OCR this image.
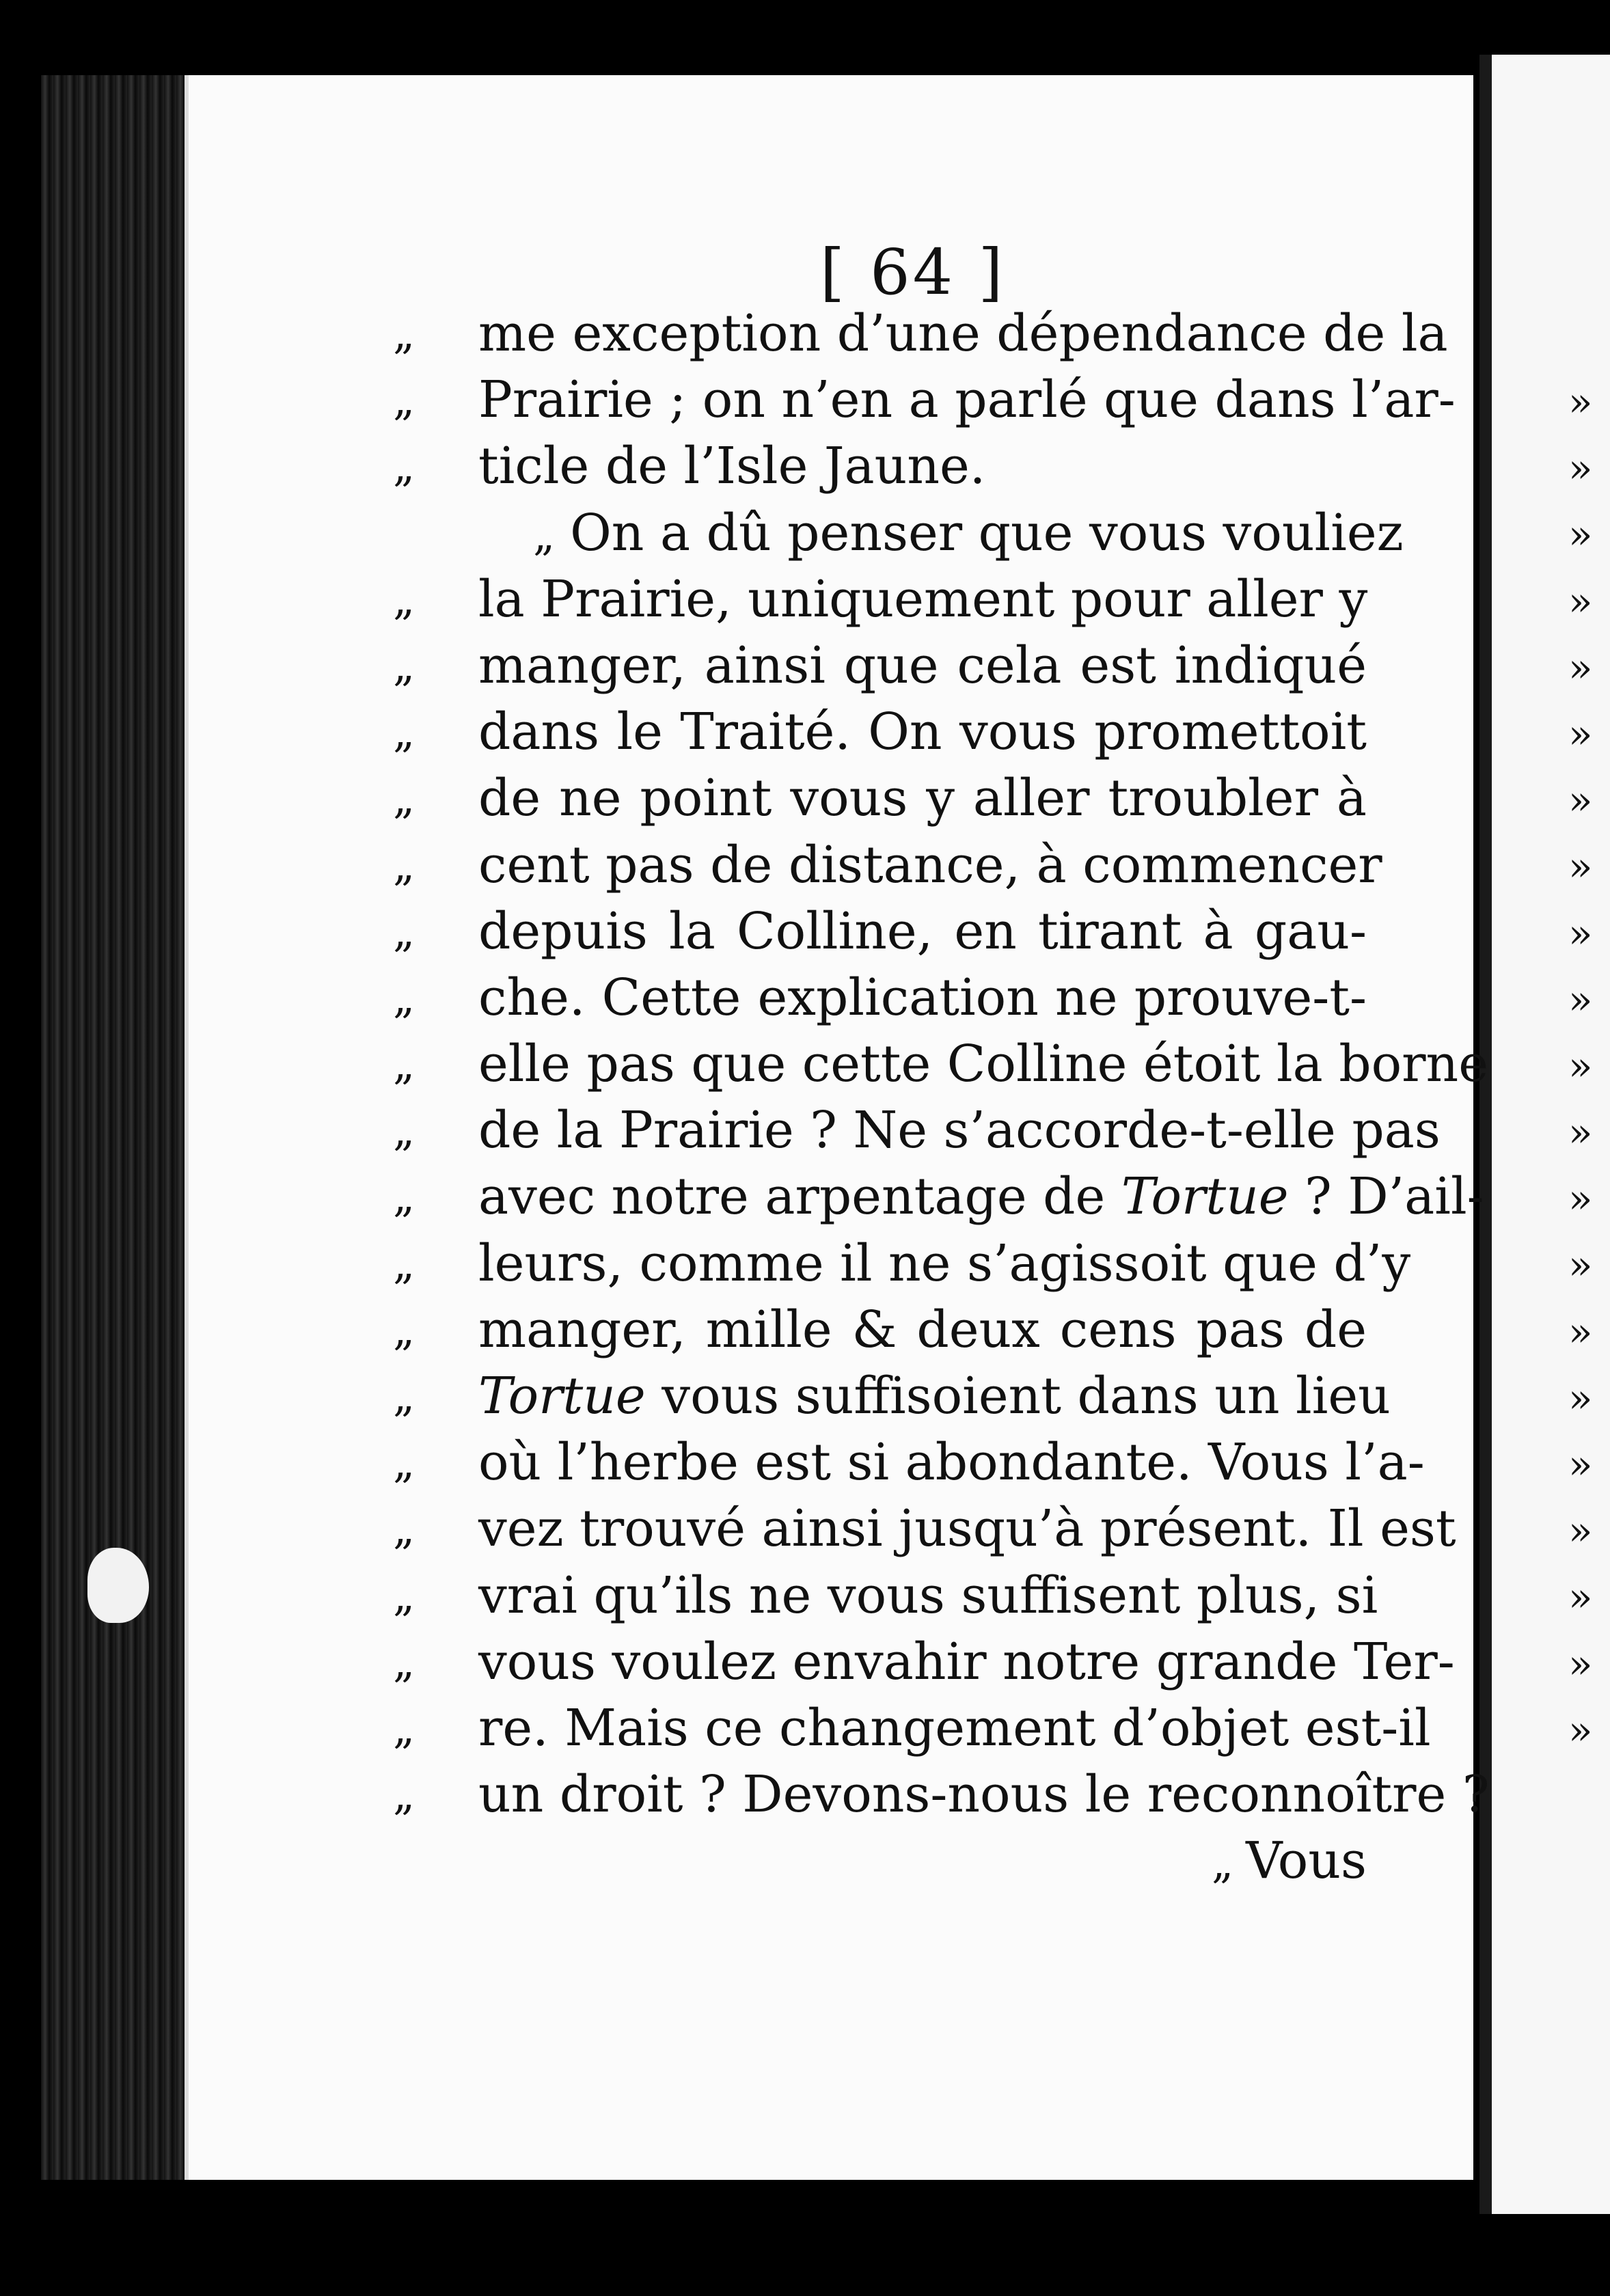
[ 64 ]
„ me exception d’une dépendance de la
„ Prairie ; on n’en a parlé que dans l’ar-
„ ticle de l’Isle Jaune.
„ On a dû penser que vous vouliez
„ la Prairie, uniquement pour aller y
„ manger, ainsi que cela est indiqué
„ dans le Traité. On vous promettoit
„ de ne point vous y aller troubler à
„ cent pas de distance, à commencer
„ depuis la Colline, en tirant à gau-
„ che. Cette explication ne prouve-t-
„ elle pas que cette Colline étoit la borne
„ de la Prairie ? Ne s’accorde-t-elle pas
„ avec notre arpentage de Tortue ? D’ail-
„ leurs, comme il ne s’agissoit que d’y
„ manger, mille & deux cens pas de
„ Tortue vous suffisoient dans un lieu
„ où l’herbe est si abondante. Vous l’a-
„ vez trouvé ainsi jusqu’à présent. Il est
„ vrai qu’ils ne vous suffisent plus, si
„ vous voulez envahir notre grande Ter-
„ re. Mais ce changement d’objet est-il
„ un droit ? Devons-nous le reconnoître ?
„ Vous
»
»
»
»
»
»
»
»
»
»
»
»
»
»
»
»
»
»
»
»
»
